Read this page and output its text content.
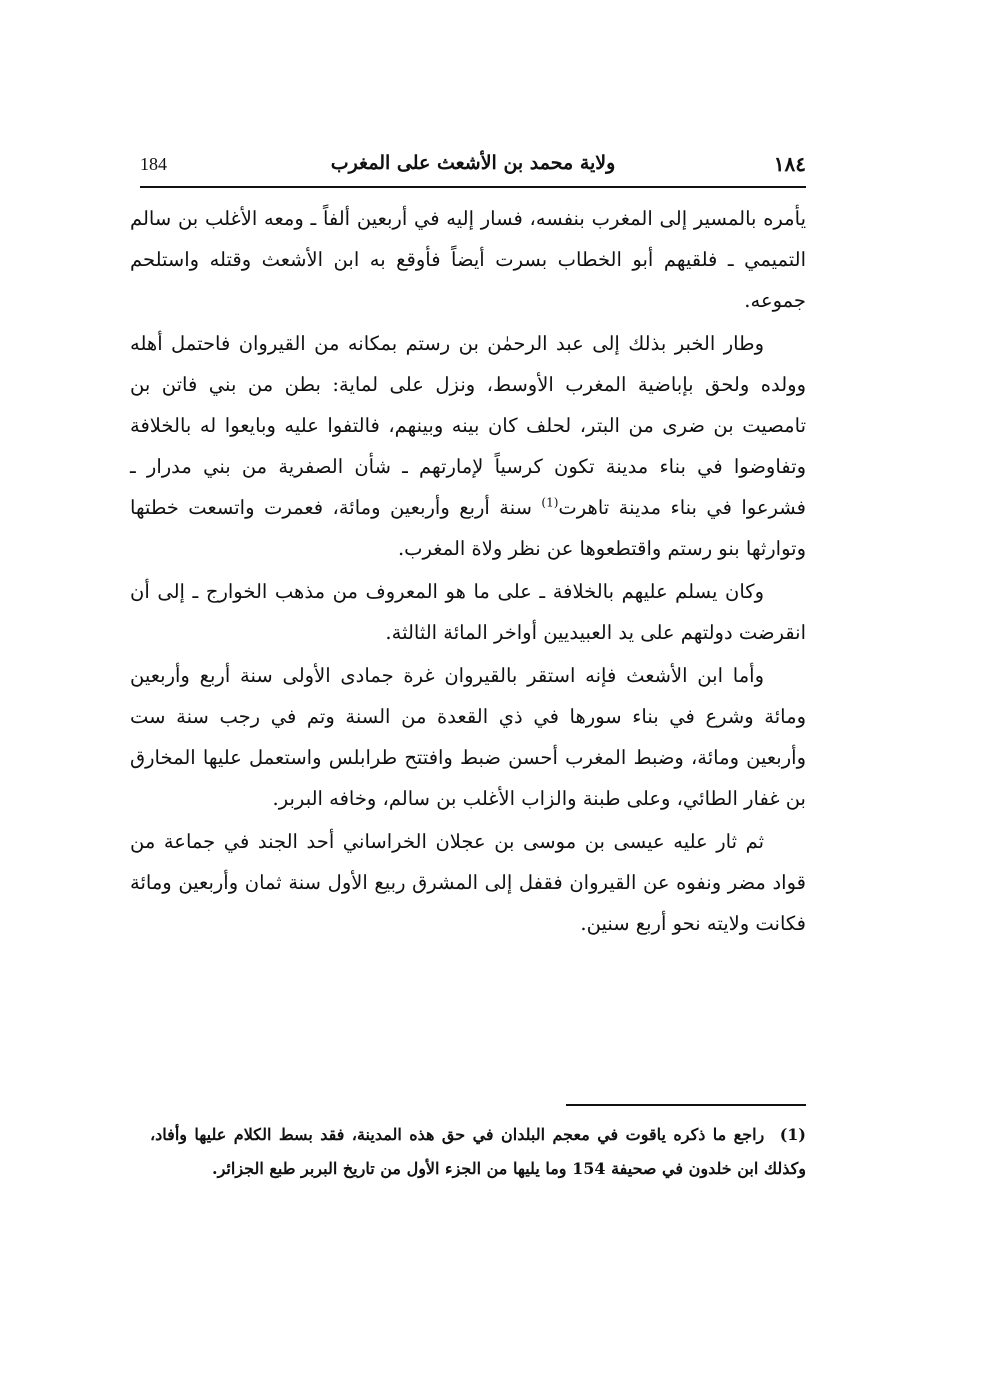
184	ولاية محمد بن الأشعث على المغرب	١٨٤

يأمره بالمسير إلى المغرب بنفسه، فسار إليه في أربعين ألفاً ـ ومعه الأغلب بن سالم التميمي ـ فلقيهم أبو الخطاب بسرت أيضاً فأوقع به ابن الأشعث وقتله واستلحم جموعه.

وطار الخبر بذلك إلى عبد الرحمٰن بن رستم بمكانه من القيروان فاحتمل أهله وولده ولحق بإباضية المغرب الأوسط، ونزل على لماية: بطن من بني فاتن بن تامصيت بن ضرى من البتر، لحلف كان بينه وبينهم، فالتفوا عليه وبايعوا له بالخلافة وتفاوضوا في بناء مدينة تكون كرسياً لإمارتهم ـ شأن الصفرية من بني مدرار ـ فشرعوا في بناء مدينة تاهرت$^{(1)}$ سنة أربع وأربعين ومائة، فعمرت واتسعت خطتها وتوارثها بنو رستم واقتطعوها عن نظر ولاة المغرب.

وكان يسلم عليهم بالخلافة ـ على ما هو المعروف من مذهب الخوارج ـ إلى أن انقرضت دولتهم على يد العبيديين أواخر المائة الثالثة.

وأما ابن الأشعث فإنه استقر بالقيروان غرة جمادى الأولى سنة أربع وأربعين ومائة وشرع في بناء سورها في ذي القعدة من السنة وتم في رجب سنة ست وأربعين ومائة، وضبط المغرب أحسن ضبط وافتتح طرابلس واستعمل عليها المخارق بن غفار الطائي، وعلى طبنة والزاب الأغلب بن سالم، وخافه البربر.

ثم ثار عليه عيسى بن موسى بن عجلان الخراساني أحد الجند في جماعة من قواد مضر ونفوه عن القيروان فقفل إلى المشرق ربيع الأول سنة ثمان وأربعين ومائة فكانت ولايته نحو أربع سنين.

(1) راجع ما ذكره ياقوت في معجم البلدان في حق هذه المدينة، فقد بسط الكلام عليها وأفاد، وكذلك ابن خلدون في صحيفة 154 وما يليها من الجزء الأول من تاريخ البربر طبع الجزائر.
